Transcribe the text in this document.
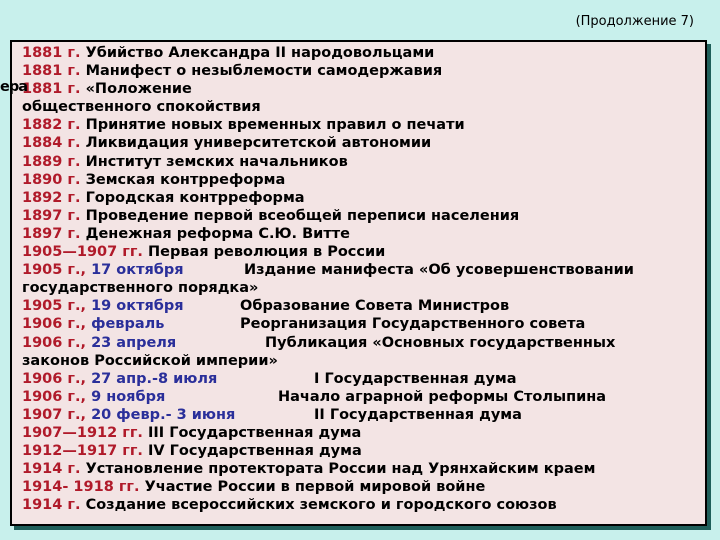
(Продолжение 7)
1881 г. Убийство Александра II народовольцами
1881 г. Манифест о незыблемости самодержавия
1881 г. «Положение
общественного спокойствия
1882 г. Принятие новых временных правил о печати
1884 г. Ликвидация университетской автономии
1889 г. Институт земских начальников
1890 г. Земская контрреформа
1892 г. Городская контрреформа
1897 г. Проведение первой всеобщей переписи населения
1897 г. Денежная реформа С.Ю. Витте
1905—1907 гг. Первая революция в России
1905 г., 17 октября	Издание манифеста «Об усовершенствовании
государственного порядка»
1905 г., 19 октября	Образование Совета Министров
1906 г., февраль	Реорганизация Государственного совета
1906 г., 23 апреля	Публикация «Основных государственных
законов Российской империи»
1906 г., 27 апр.-8 июля	I Государственная дума
1906 г., 9 ноября	Начало аграрной реформы Столыпина
1907 г., 20 февр.- 3 июня	II Государственная дума
1907—1912 гг. III Государственная дума
1912—1917 гг. IV Государственная дума
1914 г. Установление протектората России над Урянхайским краем
1914- 1918 гг. Участие России в первой мировой войне
1914 г. Создание всероссийских земского и городского союзов
ера
